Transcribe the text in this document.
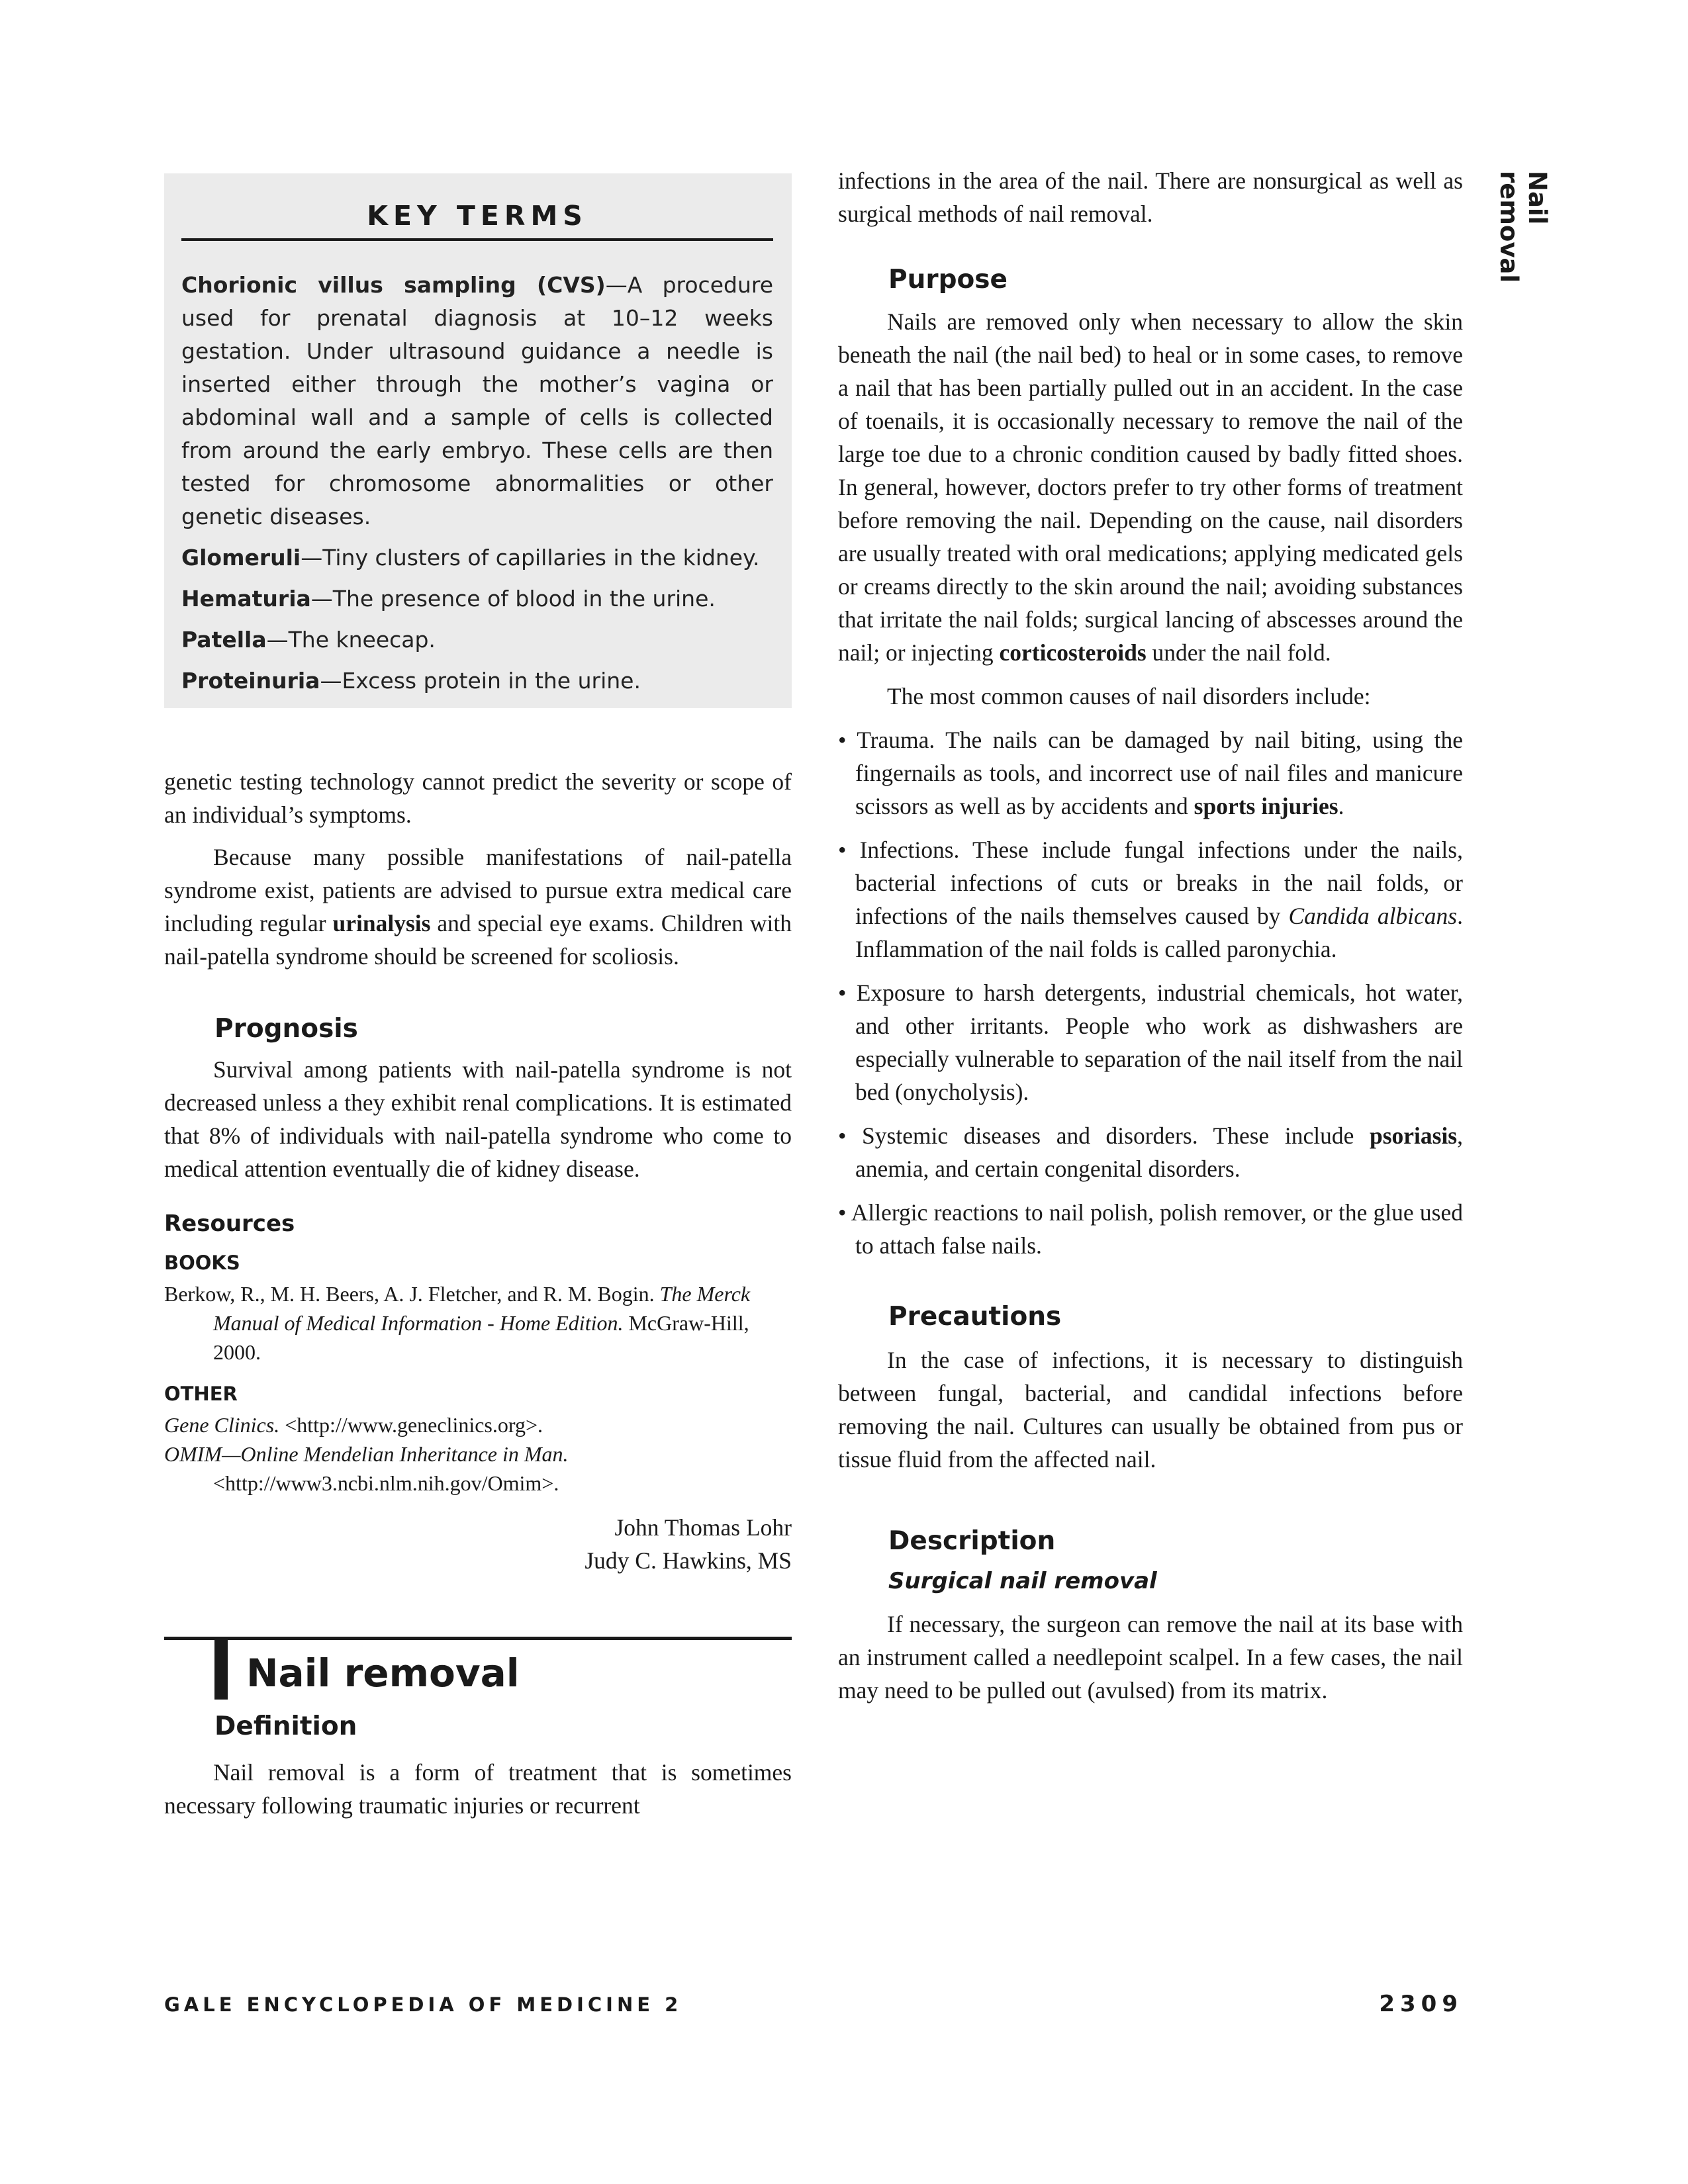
KEY TERMS

Chorionic villus sampling (CVS)—A procedure used for prenatal diagnosis at 10–12 weeks gestation. Under ultrasound guidance a needle is inserted either through the mother’s vagina or abdominal wall and a sample of cells is collected from around the early embryo. These cells are then tested for chromosome abnormalities or other genetic diseases.

Glomeruli—Tiny clusters of capillaries in the kidney.

Hematuria—The presence of blood in the urine.

Patella—The kneecap.

Proteinuria—Excess protein in the urine.

genetic testing technology cannot predict the severity or scope of an individual’s symptoms.

Because many possible manifestations of nail-patella syndrome exist, patients are advised to pursue extra medical care including regular urinalysis and special eye exams. Children with nail-patella syndrome should be screened for scoliosis.

Prognosis

Survival among patients with nail-patella syndrome is not decreased unless a they exhibit renal complications. It is estimated that 8% of individuals with nail-patella syndrome who come to medical attention eventually die of kidney disease.

Resources
BOOKS

Berkow, R., M. H. Beers, A. J. Fletcher, and R. M. Bogin. The Merck Manual of Medical Information - Home Edition. McGraw-Hill, 2000.

OTHER

Gene Clinics. <http://www.geneclinics.org>.

OMIM—Online Mendelian Inheritance in Man. <http://www3.ncbi.nlm.nih.gov/Omim>.

John Thomas Lohr

Judy C. Hawkins, MS

Nail removal
Definition

Nail removal is a form of treatment that is sometimes necessary following traumatic injuries or recurrent

infections in the area of the nail. There are nonsurgical as well as surgical methods of nail removal.

Purpose

Nails are removed only when necessary to allow the skin beneath the nail (the nail bed) to heal or in some cases, to remove a nail that has been partially pulled out in an accident. In the case of toenails, it is occasionally necessary to remove the nail of the large toe due to a chronic condition caused by badly fitted shoes. In general, however, doctors prefer to try other forms of treatment before removing the nail. Depending on the cause, nail disorders are usually treated with oral medications; applying medicated gels or creams directly to the skin around the nail; avoiding substances that irritate the nail folds; surgical lancing of abscesses around the nail; or injecting corticosteroids under the nail fold.

The most common causes of nail disorders include:

• Trauma. The nails can be damaged by nail biting, using the fingernails as tools, and incorrect use of nail files and manicure scissors as well as by accidents and sports injuries.
• Infections. These include fungal infections under the nails, bacterial infections of cuts or breaks in the nail folds, or infections of the nails themselves caused by Candida albicans. Inflammation of the nail folds is called paronychia.
• Exposure to harsh detergents, industrial chemicals, hot water, and other irritants. People who work as dishwashers are especially vulnerable to separation of the nail itself from the nail bed (onycholysis).
• Systemic diseases and disorders. These include psoriasis, anemia, and certain congenital disorders.
• Allergic reactions to nail polish, polish remover, or the glue used to attach false nails.
Precautions

In the case of infections, it is necessary to distinguish between fungal, bacterial, and candidal infections before removing the nail. Cultures can usually be obtained from pus or tissue fluid from the affected nail.

Description
Surgical nail removal

If necessary, the surgeon can remove the nail at its base with an instrument called a needlepoint scalpel. In a few cases, the nail may need to be pulled out (avulsed) from its matrix.

Nail removal
GALE ENCYCLOPEDIA OF MEDICINE 2	2309
